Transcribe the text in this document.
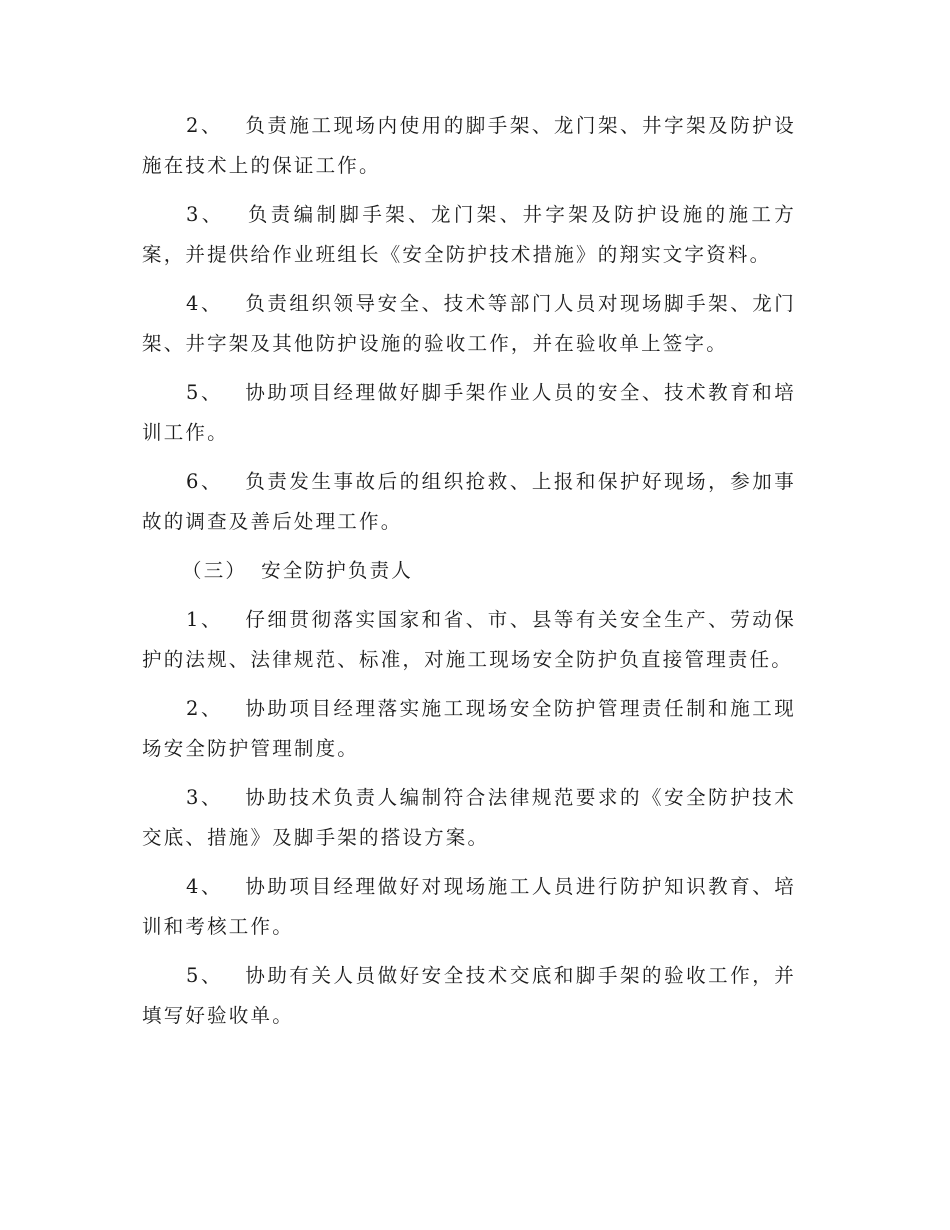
2、 负责施工现场内使用的脚手架、龙门架、井字架及防护设施在技术上的保证工作。

3、 负责编制脚手架、龙门架、井字架及防护设施的施工方案，并提供给作业班组长《安全防护技术措施》的翔实文字资料。

4、 负责组织领导安全、技术等部门人员对现场脚手架、龙门架、井字架及其他防护设施的验收工作，并在验收单上签字。

5、 协助项目经理做好脚手架作业人员的安全、技术教育和培训工作。

6、 负责发生事故后的组织抢救、上报和保护好现场，参加事故的调查及善后处理工作。

（三） 安全防护负责人

1、 仔细贯彻落实国家和省、市、县等有关安全生产、劳动保护的法规、法律规范、标准，对施工现场安全防护负直接管理责任。

2、 协助项目经理落实施工现场安全防护管理责任制和施工现场安全防护管理制度。

3、 协助技术负责人编制符合法律规范要求的《安全防护技术交底、措施》及脚手架的搭设方案。

4、 协助项目经理做好对现场施工人员进行防护知识教育、培训和考核工作。

5、 协助有关人员做好安全技术交底和脚手架的验收工作，并填写好验收单。
